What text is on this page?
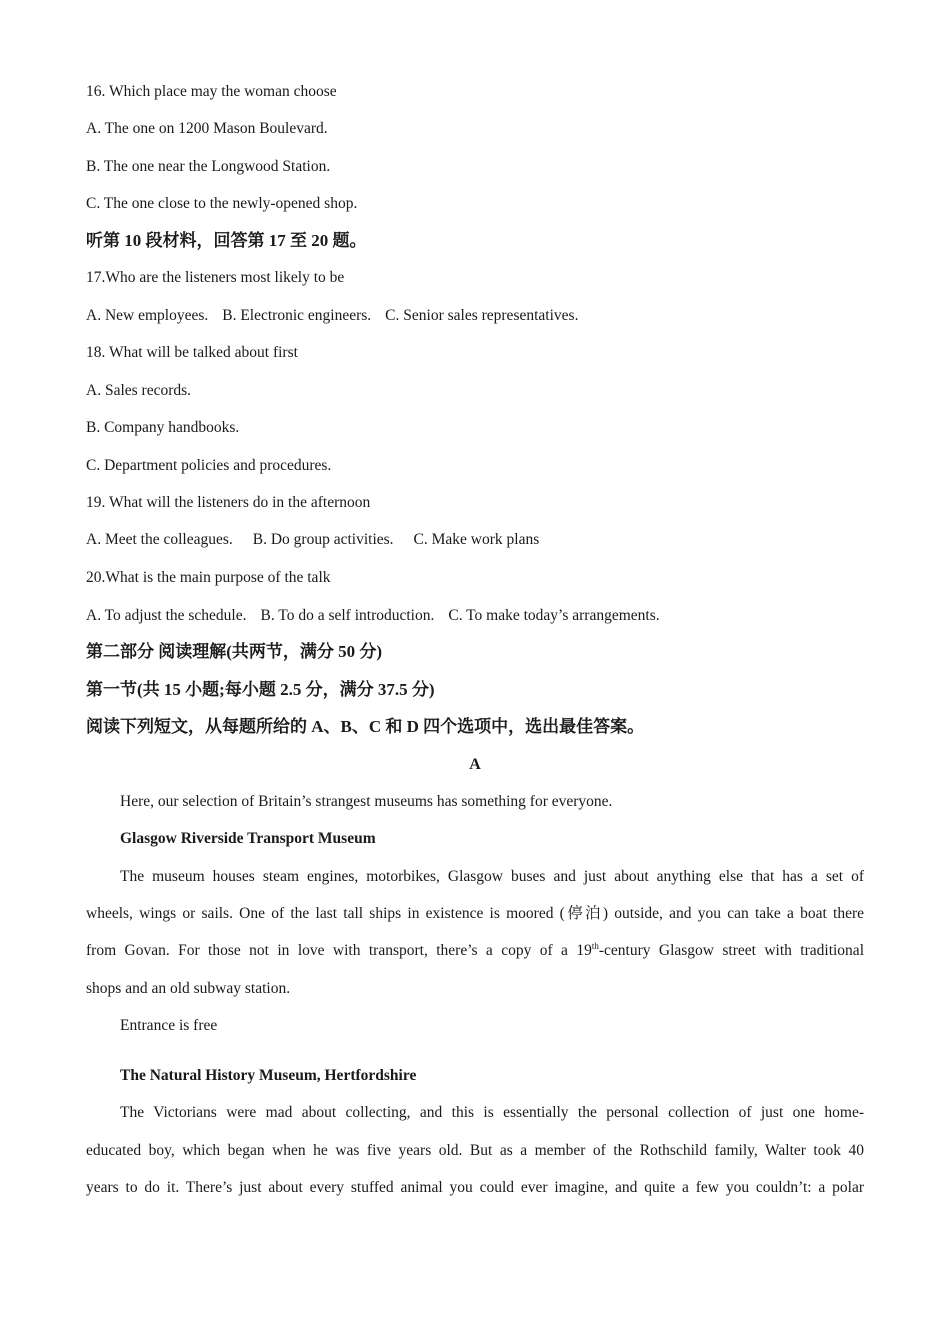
16. Which place may the woman choose
A. The one on 1200 Mason Boulevard.
B. The one near the Longwood Station.
C. The one close to the newly-opened shop.
听第 10 段材料，回答第 17 至 20 题。
17.Who are the listeners most likely to be
A. New employees. B. Electronic engineers. C. Senior sales representatives.
18. What will be talked about first
A. Sales records.
B. Company handbooks.
C. Department policies and procedures.
19. What will the listeners do in the afternoon
A. Meet the colleagues. B. Do group activities. C. Make work plans
20.What is the main purpose of the talk
A. To adjust the schedule. B. To do a self introduction. C. To make today’s arrangements.
第二部分 阅读理解(共两节，满分 50 分)
第一节(共 15 小题;每小题 2.5 分，满分 37.5 分)
阅读下列短文，从每题所给的 A、B、C 和 D 四个选项中，选出最佳答案。
A
Here, our selection of Britain’s strangest museums has something for everyone.
Glasgow Riverside Transport Museum
The museum houses steam engines, motorbikes, Glasgow buses and just about anything else that has a set of
wheels, wings or sails. One of the last tall ships in existence is moored (停泊) outside, and you can take a boat there
from Govan. For those not in love with transport, there’s a copy of a 19th-century Glasgow street with traditional
shops and an old subway station.
Entrance is free
The Natural History Museum, Hertfordshire
The Victorians were mad about collecting, and this is essentially the personal collection of just one home-
educated boy, which began when he was five years old. But as a member of the Rothschild family, Walter took 40
years to do it. There’s just about every stuffed animal you could ever imagine, and quite a few you couldn’t: a polar
